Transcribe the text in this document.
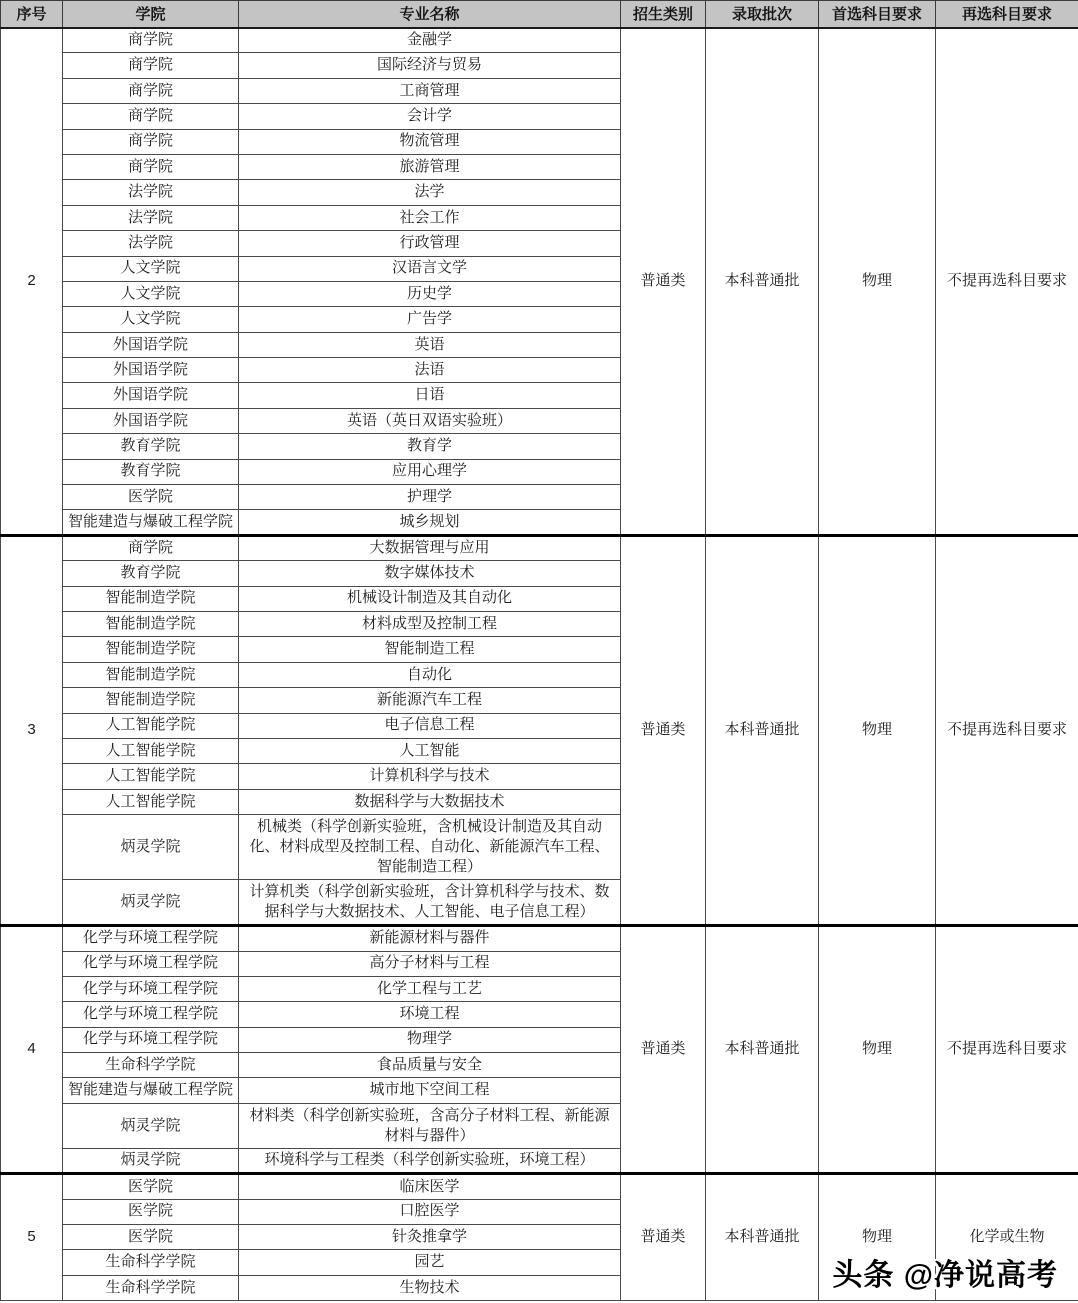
序号	学院	专业名称	招生类别	录取批次	首选科目要求	再选科目要求
2	商学院	金融学	普通类	本科普通批	物理	不提再选科目要求
	商学院	国际经济与贸易				
	商学院	工商管理				
	商学院	会计学				
	商学院	物流管理				
	商学院	旅游管理				
	法学院	法学				
	法学院	社会工作				
	法学院	行政管理				
	人文学院	汉语言文学				
	人文学院	历史学				
	人文学院	广告学				
	外国语学院	英语				
	外国语学院	法语				
	外国语学院	日语				
	外国语学院	英语（英日双语实验班）				
	教育学院	教育学				
	教育学院	应用心理学				
	医学院	护理学				
	智能建造与爆破工程学院	城乡规划				
3	商学院	大数据管理与应用	普通类	本科普通批	物理	不提再选科目要求
	教育学院	数字媒体技术				
	智能制造学院	机械设计制造及其自动化				
	智能制造学院	材料成型及控制工程				
	智能制造学院	智能制造工程				
	智能制造学院	自动化				
	智能制造学院	新能源汽车工程				
	人工智能学院	电子信息工程				
	人工智能学院	人工智能				
	人工智能学院	计算机科学与技术				
	人工智能学院	数据科学与大数据技术				
	炳灵学院	机械类（科学创新实验班，含机械设计制造及其自动化、材料成型及控制工程、自动化、新能源汽车工程、智能制造工程）				
	炳灵学院	计算机类（科学创新实验班，含计算机科学与技术、数据科学与大数据技术、人工智能、电子信息工程）				
4	化学与环境工程学院	新能源材料与器件	普通类	本科普通批	物理	不提再选科目要求
	化学与环境工程学院	高分子材料与工程				
	化学与环境工程学院	化学工程与工艺				
	化学与环境工程学院	环境工程				
	化学与环境工程学院	物理学				
	生命科学学院	食品质量与安全				
	智能建造与爆破工程学院	城市地下空间工程				
	炳灵学院	材料类（科学创新实验班，含高分子材料工程、新能源材料与器件）				
	炳灵学院	环境科学与工程类（科学创新实验班，环境工程）				
5	医学院	临床医学	普通类	本科普通批	物理	化学或生物
	医学院	口腔医学				
	医学院	针灸推拿学				
	生命科学学院	园艺				
	生命科学学院	生物技术					头条 @净说高考
